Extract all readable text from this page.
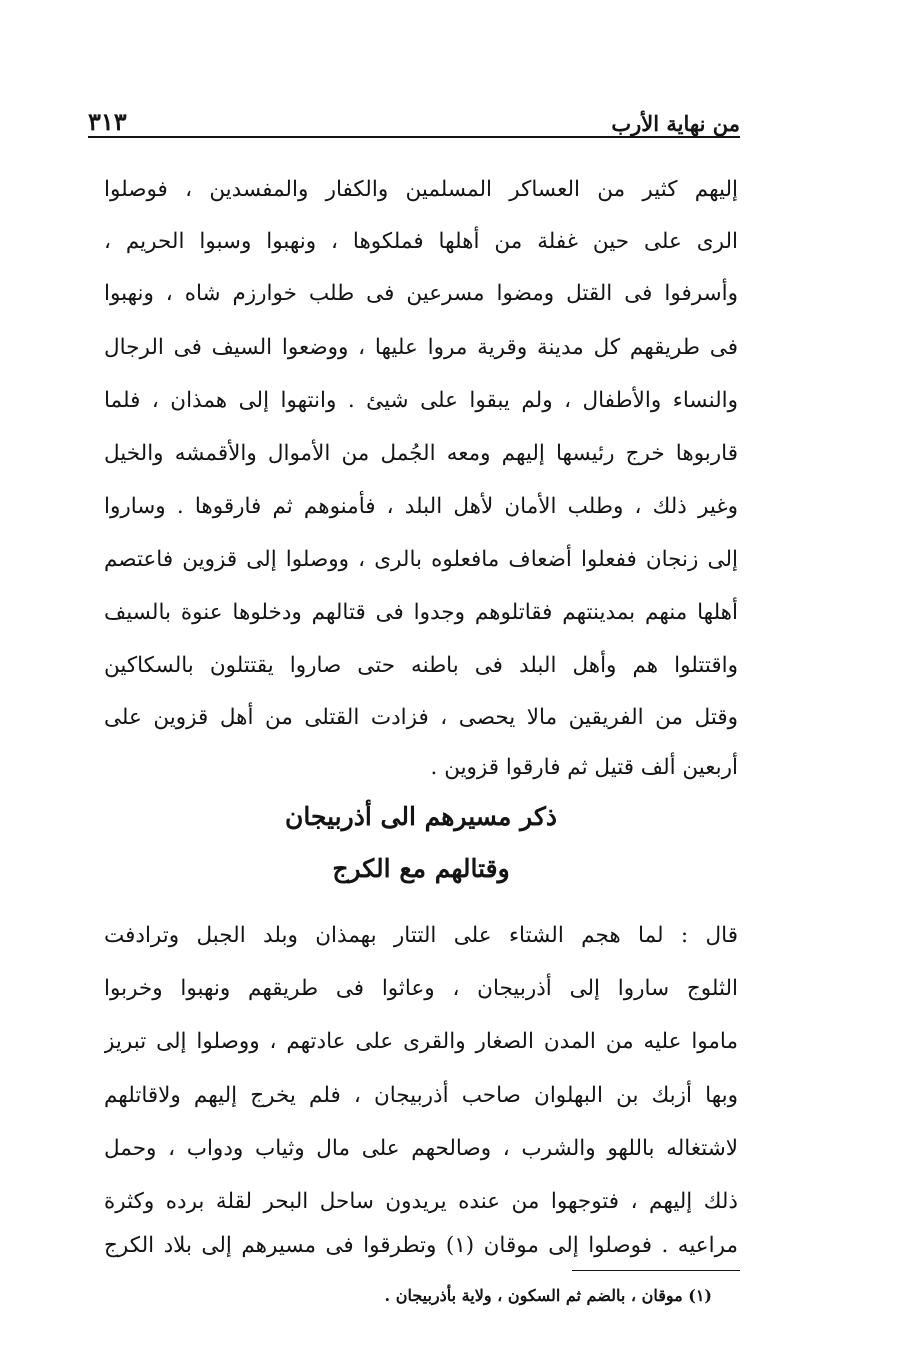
من نهاية الأرب
٣١٣
إليهم كثير من العساكر المسلمين والكفار والمفسدين ، فوصلوا
الرى على حين غفلة من أهلها فملكوها ، ونهبوا وسبوا الحريم ،
وأسرفوا فى القتل ومضوا مسرعين فى طلب خوارزم شاه ، ونهبوا
فى طريقهم كل مدينة وقرية مروا عليها ، ووضعوا السيف فى الرجال
والنساء والأطفال ، ولم يبقوا على شيئ . وانتهوا إلى همذان ، فلما
قاربوها خرج رئيسها إليهم ومعه الجُمل من الأموال والأقمشه والخيل
وغير ذلك ، وطلب الأمان لأهل البلد ، فأمنوهم ثم فارقوها . وساروا
إلى زنجان ففعلوا أضعاف مافعلوه بالرى ، ووصلوا إلى قزوين فاعتصم
أهلها منهم بمدينتهم فقاتلوهم وجدوا فى قتالهم ودخلوها عنوة بالسيف
واقتتلوا هم وأهل البلد فى باطنه حتى صاروا يقتتلون بالسكاكين
وقتل من الفريقين مالا يحصى ، فزادت القتلى من أهل قزوين على
أربعين ألف قتيل ثم فارقوا قزوين .
ذكر مسيرهم الى أذربيجان
وقتالهم مع الكرج
قال : لما هجم الشتاء على التتار بهمذان وبلد الجبل وترادفت
الثلوج ساروا إلى أذربيجان ، وعاثوا فى طريقهم ونهبوا وخربوا
ماموا عليه من المدن الصغار والقرى على عادتهم ، ووصلوا إلى تبريز
وبها أزبك بن البهلوان صاحب أذربيجان ، فلم يخرج إليهم ولاقاتلهم
لاشتغاله باللهو والشرب ، وصالحهم على مال وثياب ودواب ، وحمل
ذلك إليهم ، فتوجهوا من عنده يريدون ساحل البحر لقلة برده وكثرة
مراعيه . فوصلوا إلى موقان (١) وتطرقوا فى مسيرهم إلى بلاد الكرج
(١) موقان ، بالضم ثم السكون ، ولاية بأذربيجان .
